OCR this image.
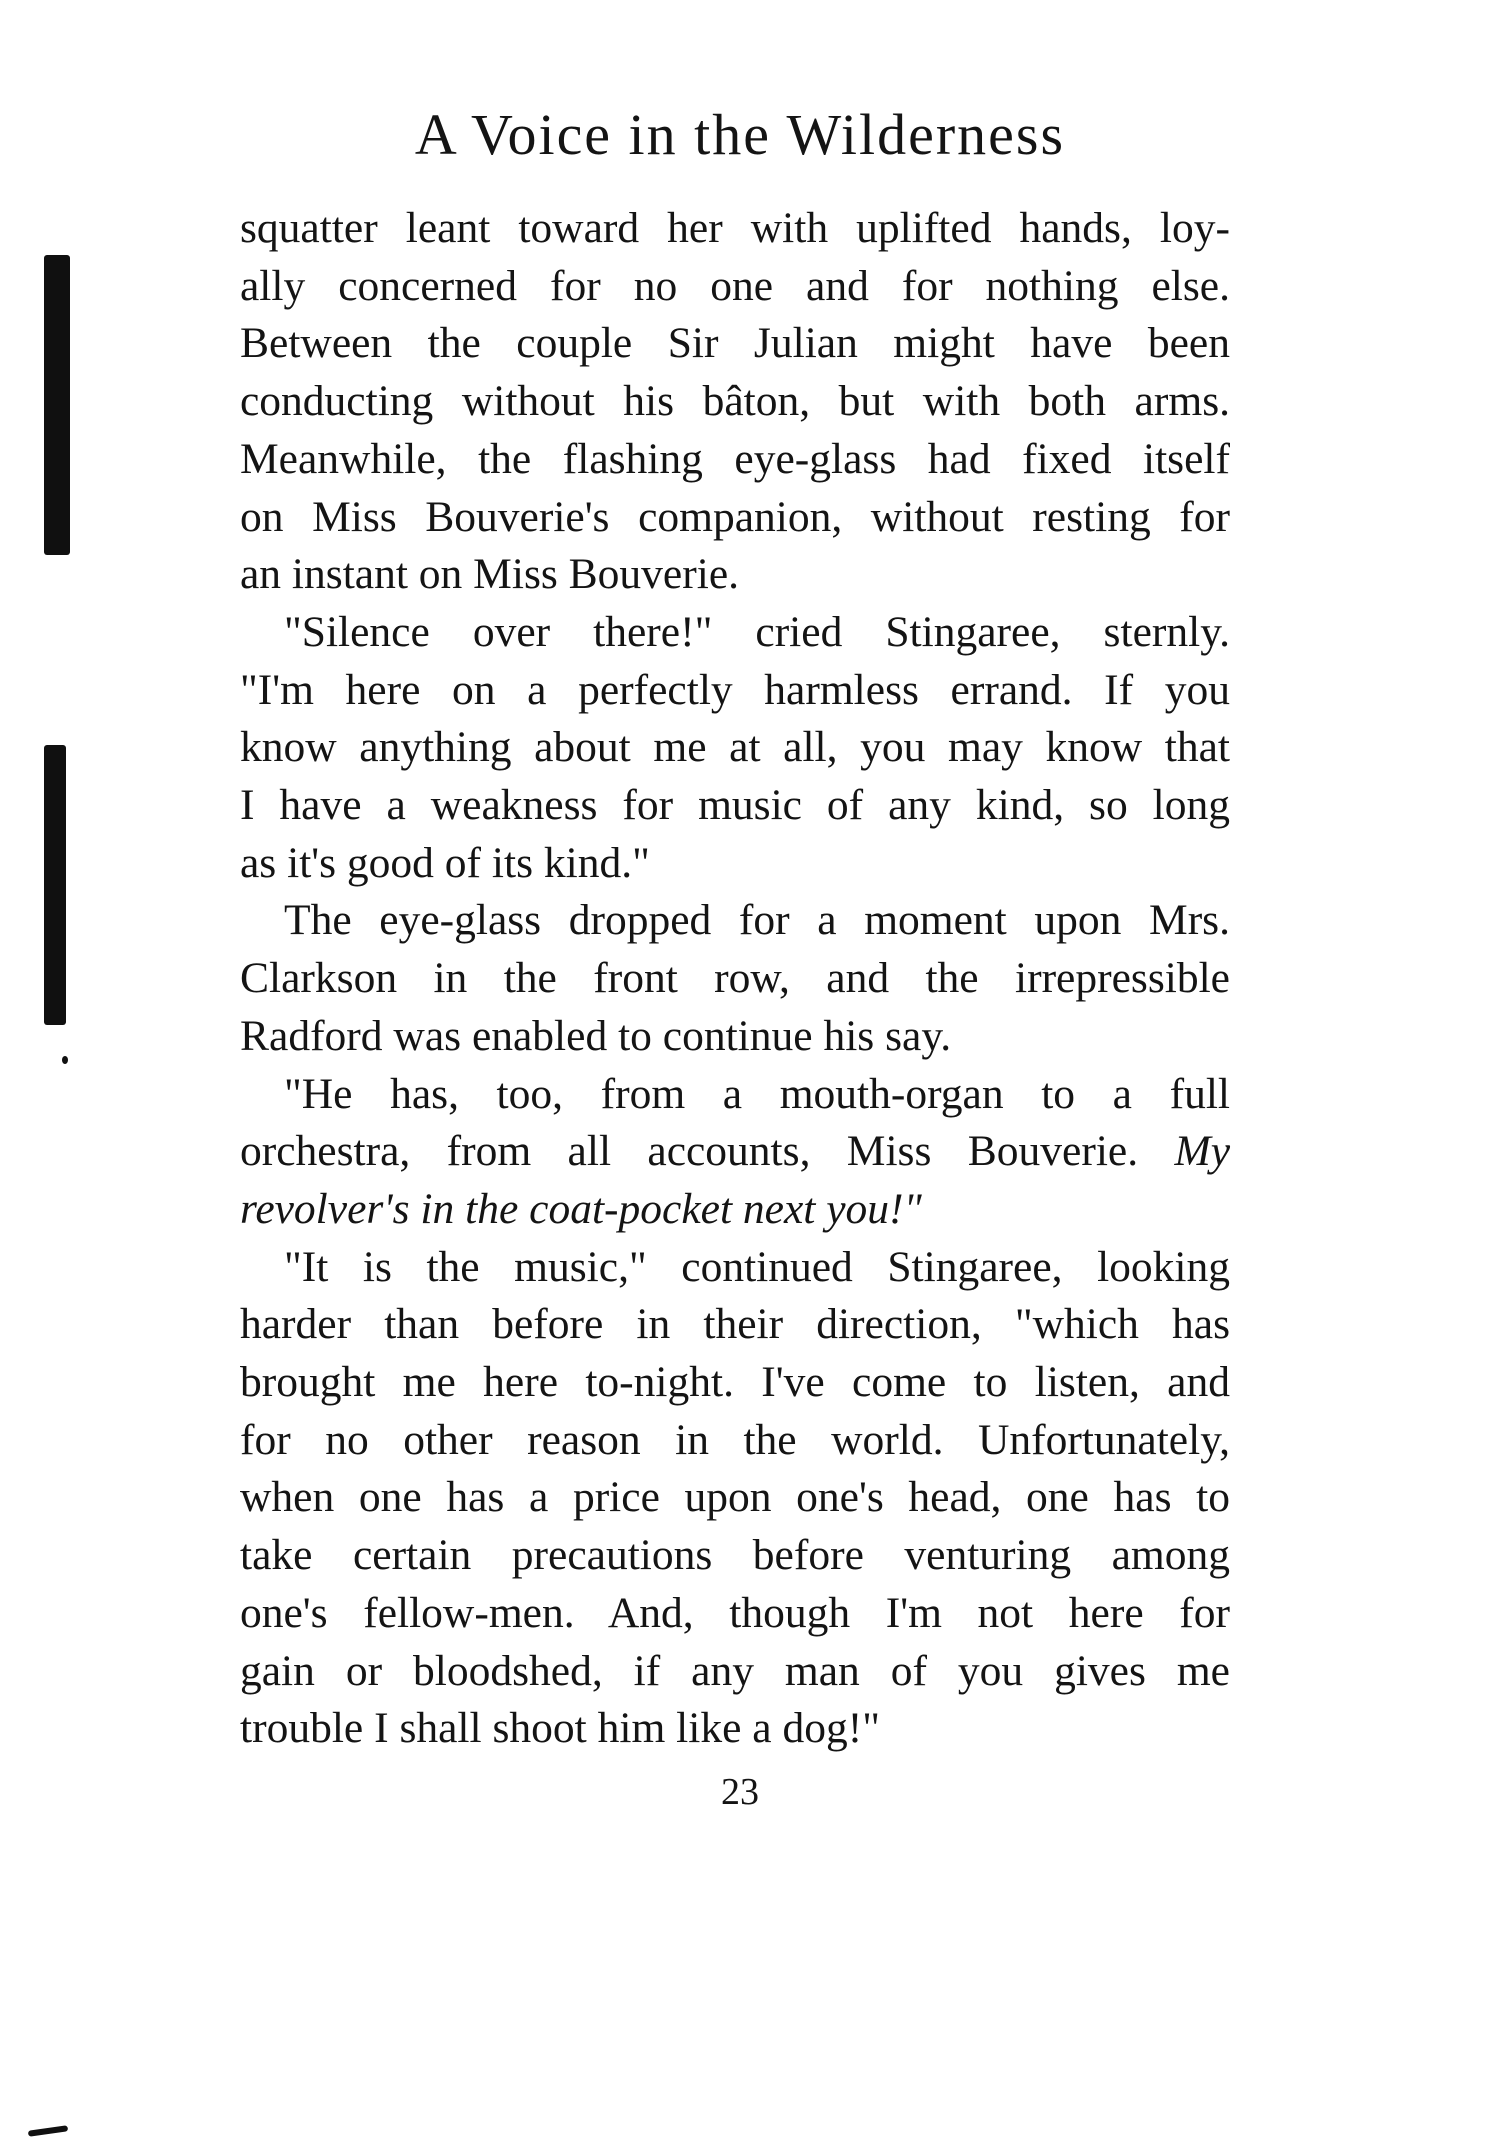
A Voice in the Wilderness
squatter leant toward her with uplifted hands, loy-
ally concerned for no one and for nothing else.
Between the couple Sir Julian might have been
conducting without his bâton, but with both arms.
Meanwhile, the flashing eye-glass had fixed itself
on Miss Bouverie's companion, without resting for
an instant on Miss Bouverie.
"Silence over there!" cried Stingaree, sternly.
"I'm here on a perfectly harmless errand. If you
know anything about me at all, you may know that
I have a weakness for music of any kind, so long
as it's good of its kind."
The eye-glass dropped for a moment upon Mrs.
Clarkson in the front row, and the irrepressible
Radford was enabled to continue his say.
"He has, too, from a mouth-organ to a full
orchestra, from all accounts, Miss Bouverie. My
revolver's in the coat-pocket next you!"
"It is the music," continued Stingaree, looking
harder than before in their direction, "which has
brought me here to-night. I've come to listen, and
for no other reason in the world. Unfortunately,
when one has a price upon one's head, one has to
take certain precautions before venturing among
one's fellow-men. And, though I'm not here for
gain or bloodshed, if any man of you gives me
trouble I shall shoot him like a dog!"
23
